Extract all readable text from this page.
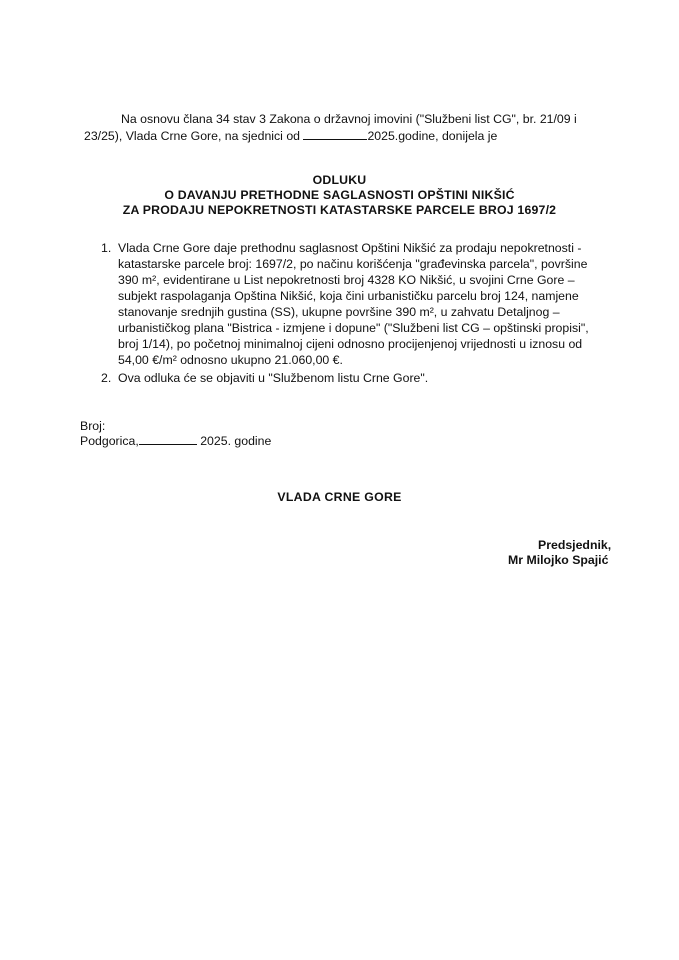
Na osnovu člana 34 stav 3 Zakona o državnoj imovini ("Službeni list CG", br. 21/09 i
23/25), Vlada Crne Gore, na sjednici od	2025.godine, donijela je
ODLUKU
O DAVANJU PRETHODNE SAGLASNOSTI OPŠTINI NIKŠIĆ
ZA PRODAJU NEPOKRETNOSTI KATASTARSKE PARCELE BROJ 1697/2
1. Vlada Crne Gore daje prethodnu saglasnost Opštini Nikšić za prodaju nepokretnosti -
katastarske parcele broj: 1697/2, po načinu korišćenja "građevinska parcela", površine
390 m², evidentirane u List nepokretnosti broj 4328 KO Nikšić, u svojini Crne Gore –
subjekt raspolaganja Opština Nikšić, koja čini urbanističku parcelu broj 124, namjene
stanovanje srednjih gustina (SS), ukupne površine 390 m², u zahvatu Detaljnog –
urbanističkog plana "Bistrica - izmjene i dopune" ("Službeni list CG – opštinski propisi",
broj 1/14), po početnoj minimalnoj cijeni odnosno procijenjenoj vrijednosti u iznosu od
54,00 €/m² odnosno ukupno 21.060,00 €.
2. Ova odluka će se objaviti u "Službenom listu Crne Gore".
Broj:
Podgorica,	2025. godine
VLADA CRNE GORE
Predsjednik,
Mr Milojko Spajić
